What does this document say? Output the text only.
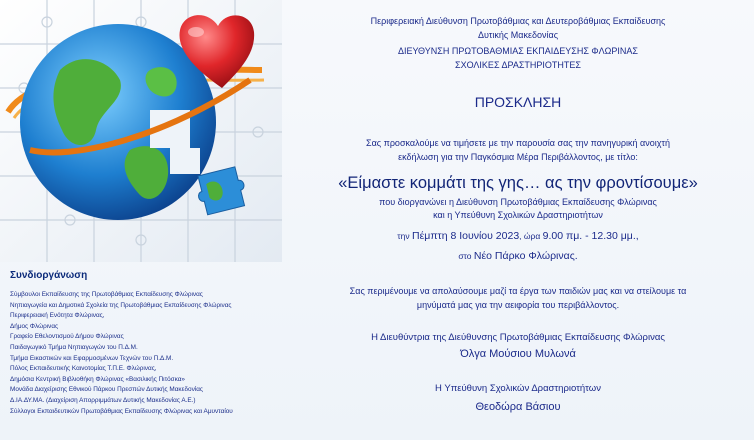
Συνδιοργάνωση
Σύμβουλοι Εκπαίδευσης της Πρωτοβάθμιας Εκπαίδευσης Φλώρινας
Νηπιαγωγεία και Δημοτικά Σχολεία της Πρωτοβάθμιας Εκπαίδευσης Φλώρινας
Περιφερειακή Ενότητα Φλώρινας,
Δήμος Φλώρινας
Γραφείο Εθελοντισμού Δήμου Φλώρινας
Παιδαγωγικό Τμήμα Νηπιαγωγών του Π.Δ.Μ.
Τμήμα Εικαστικών και Εφαρμοσμένων Τεχνών του Π.Δ.Μ.
Πόλος Εκπαιδευτικής Καινοτομίας Τ.Π.Ε. Φλώρινας,
Δημόσια Κεντρική Βιβλιοθήκη Φλώρινας «Βασιλικής Πιτόσκα»
Μονάδα Διαχείρισης Εθνικού Πάρκου Πρεσπών Δυτικής Μακεδονίας
Δ.ΙΑ.ΔΥ.ΜΑ. (Διαχείριση Απορριμμάτων Δυτικής Μακεδονίας Α.Ε.)
Σύλλογοι Εκπαιδευτικών Πρωτοβάθμιας Εκπαίδευσης Φλώρινας και Αμυνταίου
Περιφερειακή Διεύθυνση Πρωτοβάθμιας και Δευτεροβάθμιας Εκπαίδευσης
Δυτικής Μακεδονίας
ΔΙΕΥΘΥΝΣΗ ΠΡΩΤΟΒΑΘΜΙΑΣ ΕΚΠΑΙΔΕΥΣΗΣ ΦΛΩΡΙΝΑΣ
ΣΧΟΛΙΚΕΣ ΔΡΑΣΤΗΡΙΟΤΗΤΕΣ
ΠΡΟΣΚΛΗΣΗ
Σας προσκαλούμε να τιμήσετε με την παρουσία σας την πανηγυρική ανοιχτή
εκδήλωση για την Παγκόσμια Μέρα Περιβάλλοντος, με τίτλο:
«Είμαστε κομμάτι της γης… ας την φροντίσουμε»
που διοργανώνει η Διεύθυνση Πρωτοβάθμιας Εκπαίδευσης Φλώρινας
και η Υπεύθυνη Σχολικών Δραστηριοτήτων
την Πέμπτη 8 Ιουνίου 2023, ώρα 9.00 πμ. - 12.30 μμ.,
στο Νέο Πάρκο Φλώρινας.
Σας περιμένουμε να απολαύσουμε μαζί τα έργα των παιδιών μας και να στείλουμε τα
μηνύματά μας για την αειφορία του περιβάλλοντος.
Η Διευθύντρια της Διεύθυνσης Πρωτοβάθμιας Εκπαίδευσης Φλώρινας
Όλγα Μούσιου Μυλωνά
Η Υπεύθυνη Σχολικών Δραστηριοτήτων
Θεοδώρα Βάσιου
